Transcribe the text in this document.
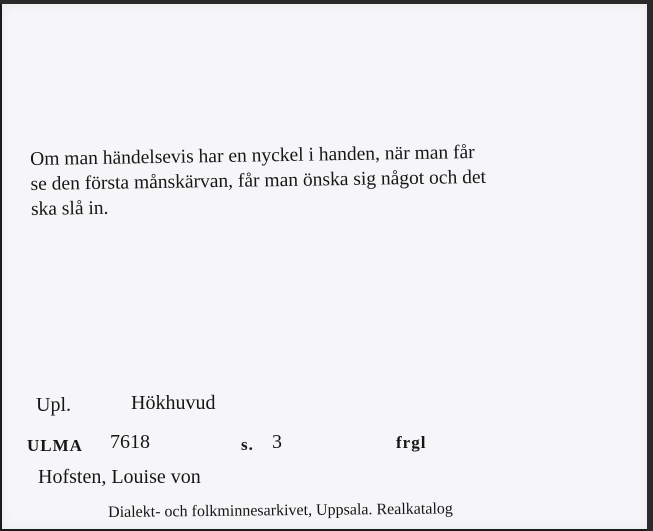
Om man händelsevis har en nyckel i handen, när man får
se den första månskärvan, får man önska sig något och det
ska slå in.
Upl.	Hökhuvud
ULMA 7618	s. 3	frgl
Hofsten, Louise von
Dialekt- och folkminnesarkivet, Uppsala. Realkatalog
